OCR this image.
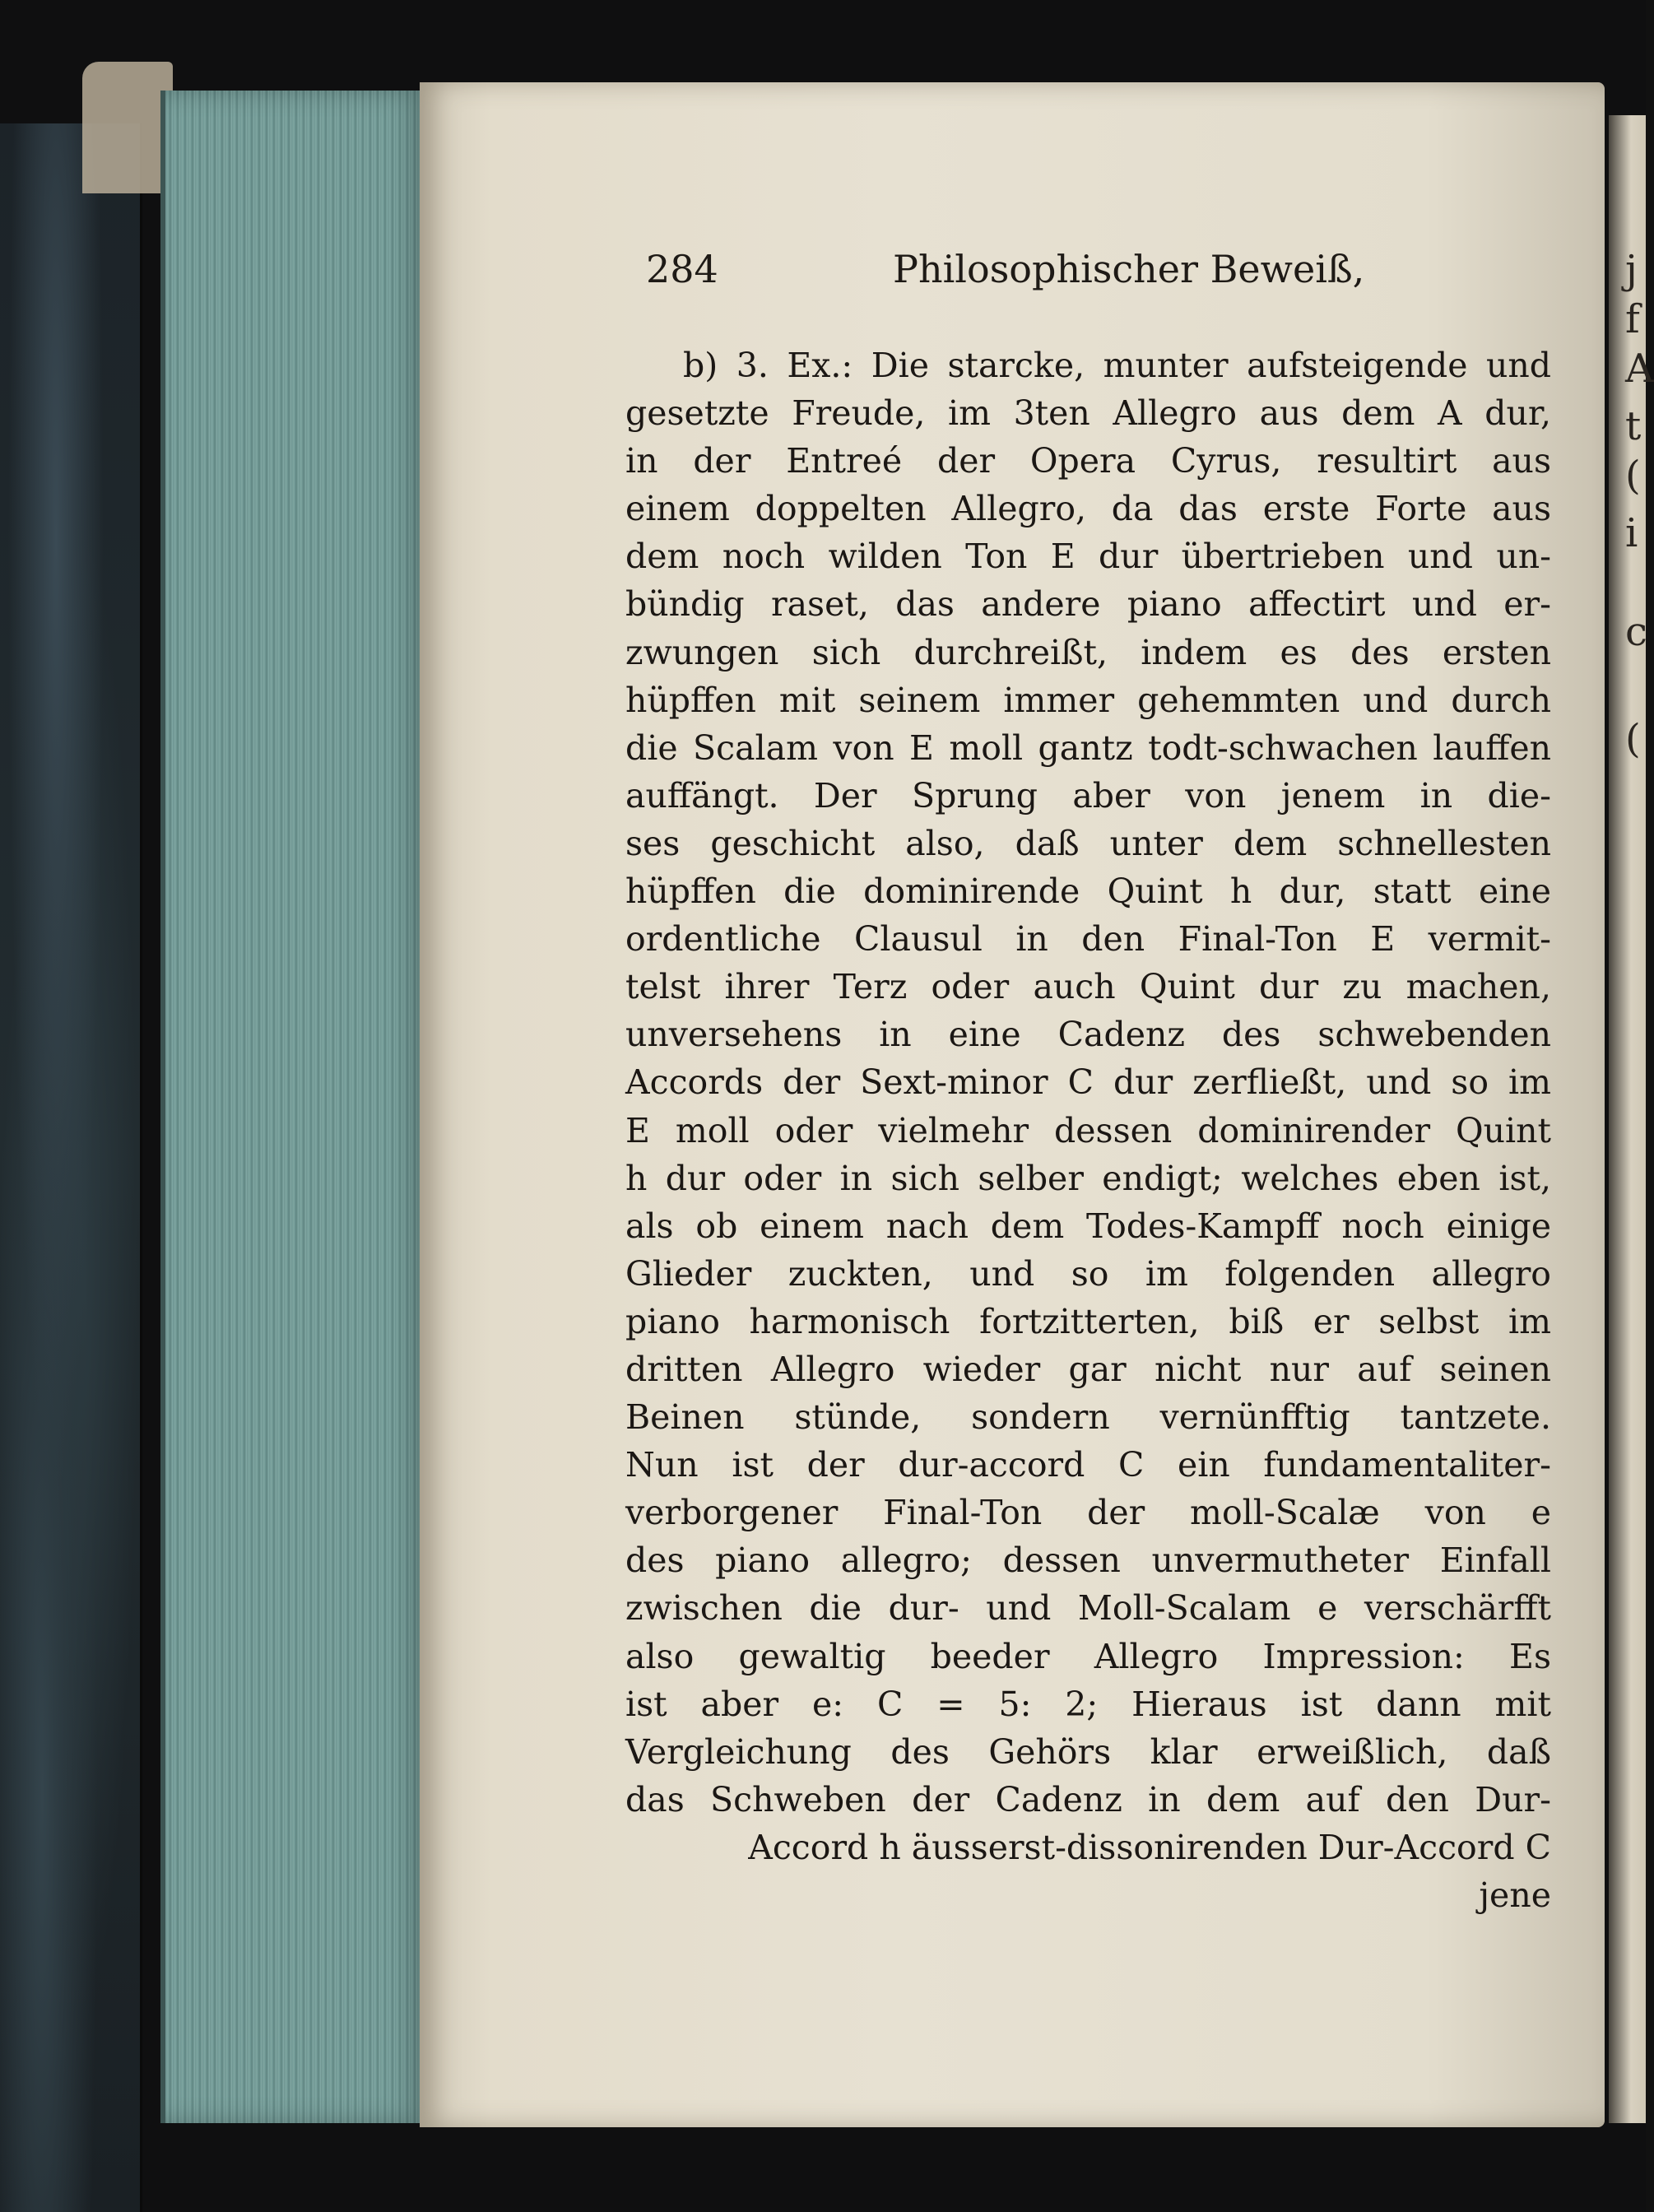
j
f
A
t
(
i
c
(
284	Philosophischer Beweiß,
b) 3. Ex.: Die starcke, munter aufsteigende und
gesetzte Freude, im 3ten Allegro aus dem A dur,
in der Entreé der Opera Cyrus, resultirt aus
einem doppelten Allegro, da das erste Forte aus
dem noch wilden Ton E dur übertrieben und un-
bündig raset, das andere piano affectirt und er-
zwungen sich durchreißt, indem es des ersten
hüpffen mit seinem immer gehemmten und durch
die Scalam von E moll gantz todt-schwachen lauffen
auffängt. Der Sprung aber von jenem in die-
ses geschicht also, daß unter dem schnellesten
hüpffen die dominirende Quint h dur, statt eine
ordentliche Clausul in den Final-Ton E vermit-
telst ihrer Terz oder auch Quint dur zu machen,
unversehens in eine Cadenz des schwebenden
Accords der Sext-minor C dur zerfließt, und so im
E moll oder vielmehr dessen dominirender Quint
h dur oder in sich selber endigt; welches eben ist,
als ob einem nach dem Todes-Kampff noch einige
Glieder zuckten, und so im folgenden allegro
piano harmonisch fortzitterten, biß er selbst im
dritten Allegro wieder gar nicht nur auf seinen
Beinen stünde, sondern vernünfftig tantzete.
Nun ist der dur-accord C ein fundamentaliter-
verborgener Final-Ton der moll-Scalæ von e
des piano allegro; dessen unvermutheter Einfall
zwischen die dur- und Moll-Scalam e verschärfft
also gewaltig beeder Allegro Impression: Es
ist aber e: C = 5: 2; Hieraus ist dann mit
Vergleichung des Gehörs klar erweißlich, daß
das Schweben der Cadenz in dem auf den Dur-
Accord h äusserst-dissonirenden Dur-Accord C
jene
